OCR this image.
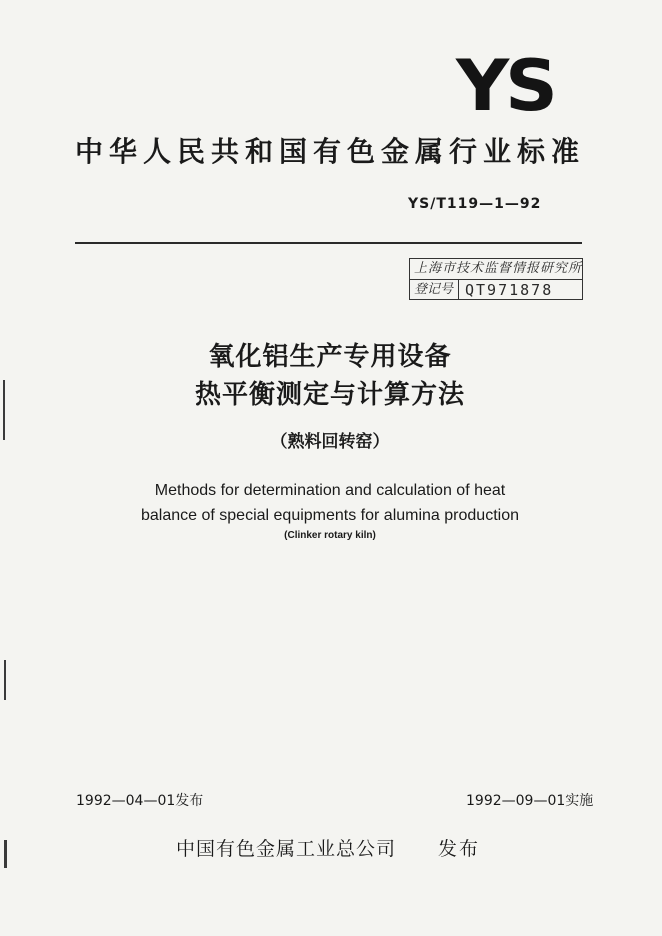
YS
中华人民共和国有色金属行业标准
YS/T119—1—92
上海市技术监督情报研究所
登记号 QT971878
氧化铝生产专用设备
热平衡测定与计算方法
（熟料回转窑）
Methods for determination and calculation of heat
balance of special equipments for alumina production
(Clinker rotary kiln)
1992—04—01发布	1992—09—01实施
中国有色金属工业总公司 发布
